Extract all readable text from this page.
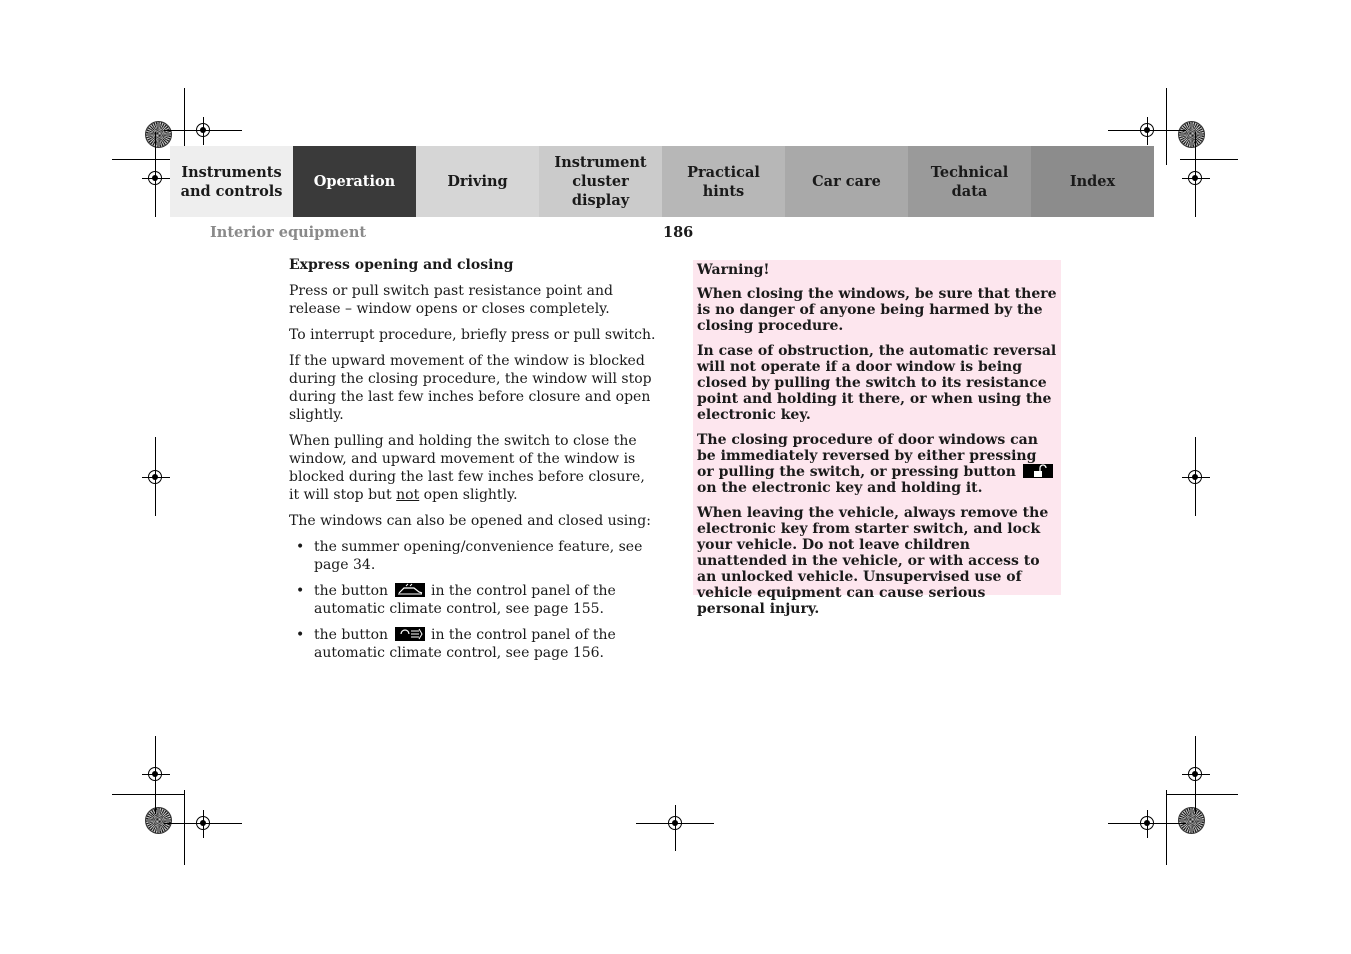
Instruments
and controls
Operation	Driving
Instrument
cluster display
Practical hints
Car care
Technical
data
Index
Interior equipment	186
Express opening and closing

Press or pull switch past resistance point and release – window opens or closes completely.

To interrupt procedure, briefly press or pull switch.

If the upward movement of the window is blocked during the closing procedure, the window will stop during the last few inches before closure and open slightly.

When pulling and holding the switch to close the window, and upward movement of the window is blocked during the last few inches before closure, it will stop but not open slightly.

The windows can also be opened and closed using:

• the summer opening/convenience feature, see page 34.
• the button	in the control panel of the automatic climate control, see page 155.
• the button	in the control panel of the automatic climate control, see page 156.

Warning!

When closing the windows, be sure that there is no danger of anyone being harmed by the closing procedure.

In case of obstruction, the automatic reversal will not operate if a door window is being closed by pulling the switch to its resistance point and holding it there, or when using the electronic key.

The closing procedure of door windows can be immediately reversed by either pressing or pulling the switch, or pressing button
on the electronic key and holding it.

When leaving the vehicle, always remove the electronic key from starter switch, and lock your vehicle. Do not leave children unattended in the vehicle, or with access to an unlocked vehicle. Unsupervised use of vehicle equipment can cause serious personal injury.
